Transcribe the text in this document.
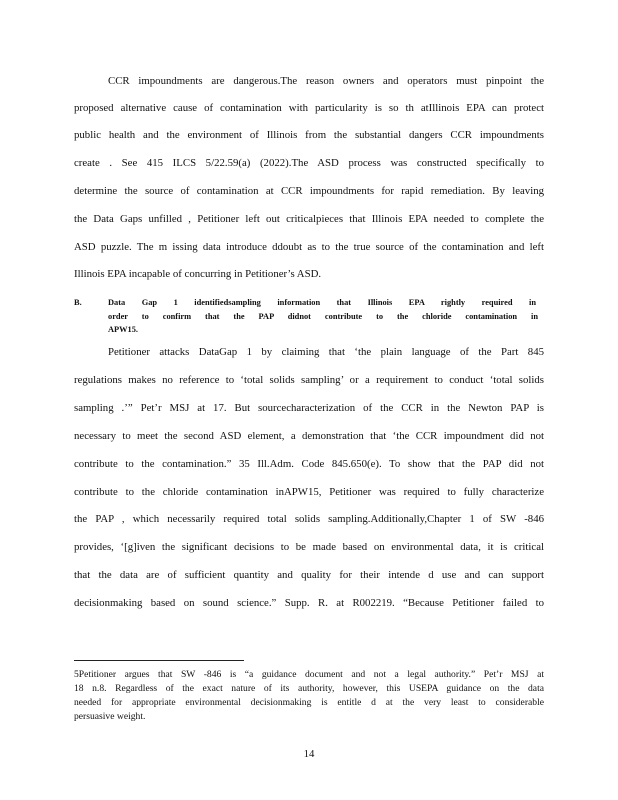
CCR impoundments are dangerous.The reason owners and operators must pinpoint the
proposed alternative cause of contamination with particularity is so th atIllinois EPA can protect
public health and the environment of Illinois from the substantial dangers CCR impoundments
create . See 415 ILCS 5/22.59(a) (2022).The ASD process was constructed specifically to
determine the source of contamination at CCR impoundments for rapid remediation. By leaving
the Data Gaps unfilled , Petitioner left out criticalpieces that Illinois EPA needed to complete the
ASD puzzle. The m issing data introduce ddoubt as to the true source of the contamination and left
Illinois EPA incapable of concurring in Petitioner’s ASD.
B.	Data Gap 1 identifiedsampling information that Illinois EPA rightly required in
order to confirm that the PAP didnot contribute to the chloride contamination in
APW15.
Petitioner attacks DataGap 1 by claiming that ‘the plain language of the Part 845
regulations makes no reference to ‘total solids sampling’ or a requirement to conduct ‘total solids
sampling .’” Pet’r MSJ at 17. But sourcecharacterization of the CCR in the Newton PAP is
necessary to meet the second ASD element, a demonstration that ‘the CCR impoundment did not
contribute to the contamination.” 35 Ill.Adm. Code 845.650(e). To show that the PAP did not
contribute to the chloride contamination inAPW15, Petitioner was required to fully characterize
the PAP , which necessarily required total solids sampling.Additionally,Chapter 1 of SW -846
provides, ‘[g]iven the significant decisions to be made based on environmental data, it is critical
that the data are of sufficient quantity and quality for their intende d use and can support
decisionmaking based on sound science.” Supp. R. at R002219. “Because Petitioner failed to
5Petitioner argues that SW -846 is “a guidance document and not a legal authority.” Pet’r MSJ at
18 n.8. Regardless of the exact nature of its authority, however, this USEPA guidance on the data
needed for appropriate environmental decisionmaking is entitle d at the very least to considerable
persuasive weight.
14
